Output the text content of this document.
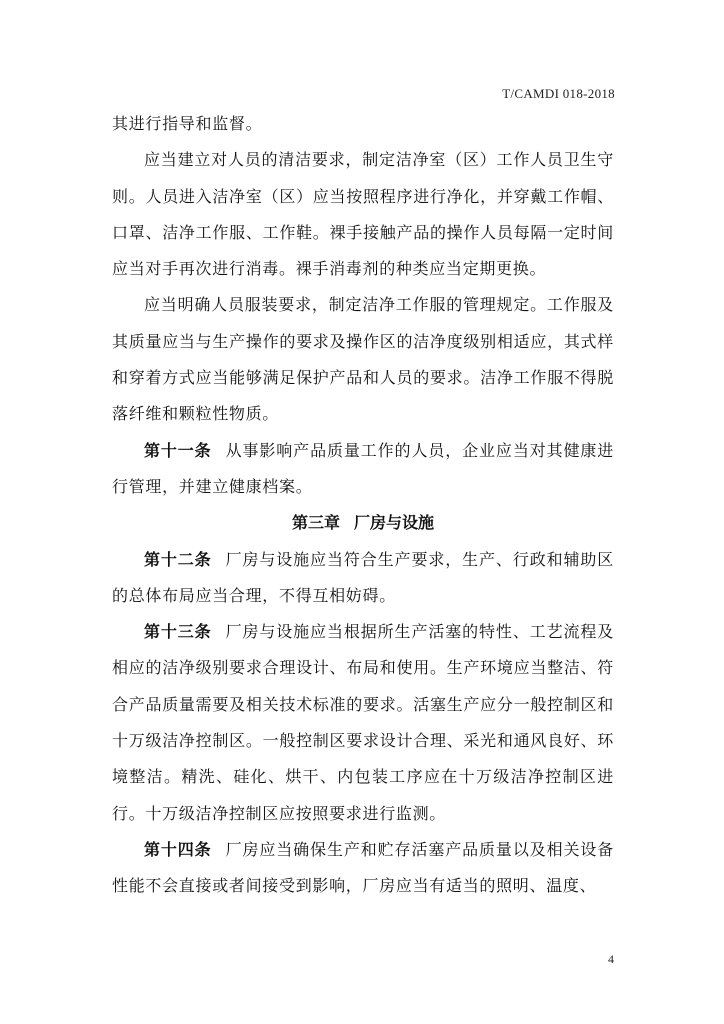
T/CAMDI 018-2018

其进行指导和监督。

应当建立对人员的清洁要求，制定洁净室（区）工作人员卫生守则。人员进入洁净室（区）应当按照程序进行净化，并穿戴工作帽、口罩、洁净工作服、工作鞋。裸手接触产品的操作人员每隔一定时间应当对手再次进行消毒。裸手消毒剂的种类应当定期更换。

应当明确人员服装要求，制定洁净工作服的管理规定。工作服及其质量应当与生产操作的要求及操作区的洁净度级别相适应，其式样和穿着方式应当能够满足保护产品和人员的要求。洁净工作服不得脱落纤维和颗粒性物质。

第十一条 从事影响产品质量工作的人员，企业应当对其健康进行管理，并建立健康档案。

第三章 厂房与设施

第十二条 厂房与设施应当符合生产要求，生产、行政和辅助区的总体布局应当合理，不得互相妨碍。

第十三条 厂房与设施应当根据所生产活塞的特性、工艺流程及相应的洁净级别要求合理设计、布局和使用。生产环境应当整洁、符合产品质量需要及相关技术标准的要求。活塞生产应分一般控制区和十万级洁净控制区。一般控制区要求设计合理、采光和通风良好、环境整洁。精洗、硅化、烘干、内包装工序应在十万级洁净控制区进行。十万级洁净控制区应按照要求进行监测。

第十四条 厂房应当确保生产和贮存活塞产品质量以及相关设备性能不会直接或者间接受到影响，厂房应当有适当的照明、温度、

4
